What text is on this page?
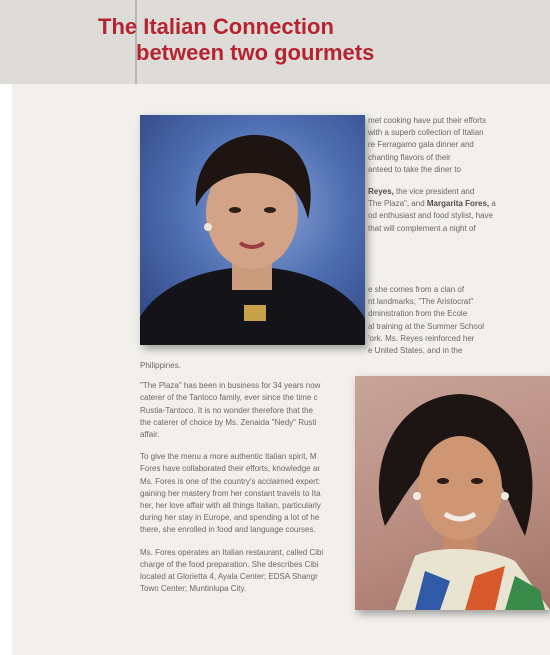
The Italian Connection
between two gourmets

met cooking have put their efforts

with a superb collection of Italian

re Ferragamo gala dinner and

chanting flavors of their

anteed to take the diner to

Reyes, the vice president and

The Plaza", and Margarita Fores, a

od enthusiast and food stylist, have

that will complement a night of

e she comes from a clan of

nt landmarks, "The Aristocrat"

dministration from the Ecole

al training at the Summer School

'ork. Ms. Reyes reinforced her

e United States, and in the

Philippines.

"The Plaza" has been in business for 34 years now

caterer of the Tantoco family, ever since the time c

Rustia-Tantoco. It is no wonder therefore that the

the caterer of choice by Ms. Zenaida "Nedy" Rusti

affair.

To give the menu a more authentic Italian spirit, M

Fores have collaborated their efforts, knowledge ar

Ms. Fores is one of the country's acclaimed expert:

gaining her mastery from her constant travels to Ita

her, her love affair with all things Italian, particularly

during her stay in Europe, and spending a lot of he

there, she enrolled in food and language courses.

Ms. Fores operates an Italian restaurant, called Cibi

charge of the food preparation. She describes Cibi

located at Glorietta 4, Ayala Center; EDSA Shangr

Town Center; Muntinlupa City.
